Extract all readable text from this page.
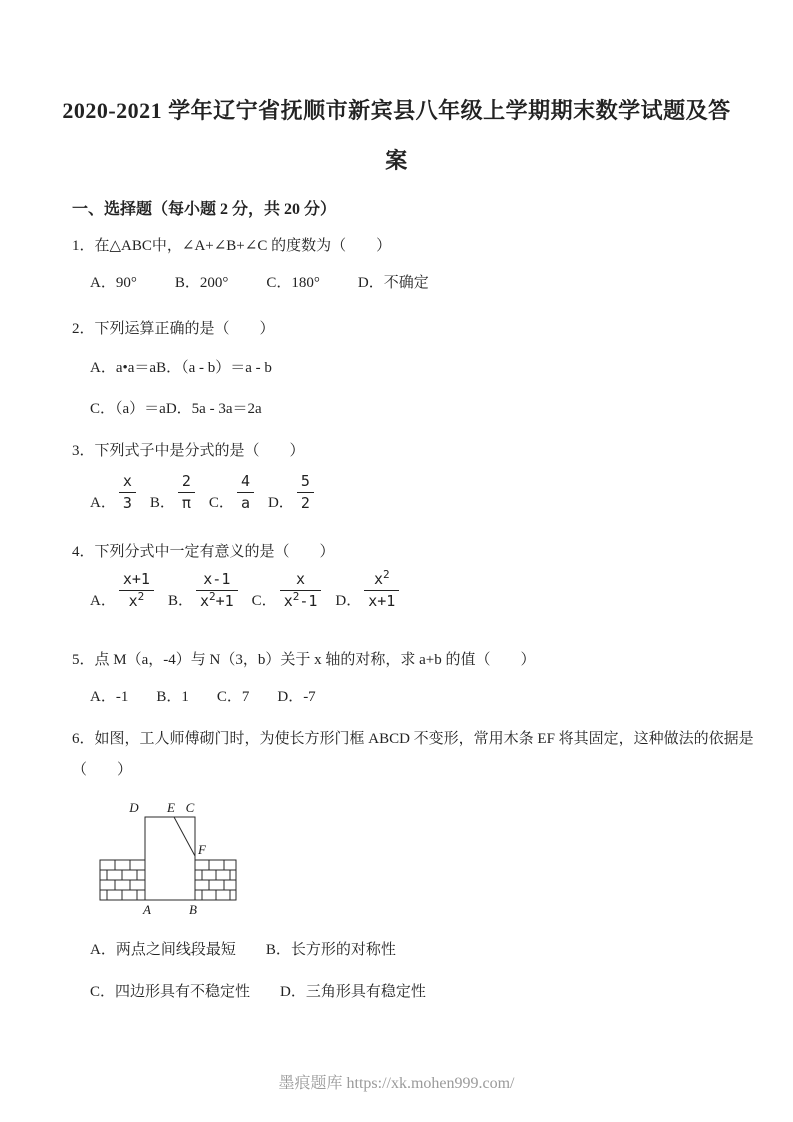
2020-2021 学年辽宁省抚顺市新宾县八年级上学期期末数学试题及答
案
一、选择题（每小题 2 分，共 20 分）
1．在△ABC中，∠A+∠B+∠C 的度数为（　　）
A．90°	B．200°	C．180°	D．不确定
2．下列运算正确的是（　　）
A．a•a＝aB．（a - b）＝a - b
C．（a）＝aD．5a - 3a＝2a
3．下列式子中是分式的是（　　）
A． $\frac{x}{3}$ B． $\frac{2}{\pi}$ C． $\frac{4}{a}$ D． $\frac{5}{2}$
4．下列分式中一定有意义的是（　　）
A． $\frac{x+1}{x^2}$ B． $\frac{x-1}{x^2+1}$ C． $\frac{x}{x^2-1}$ D． $\frac{x^2}{x+1}$
5．点 M（a，-4）与 N（3，b）关于 x 轴的对称，求 a+b 的值（　　）
A．-1 B．1 C．7 D．-7
6．如图，工人师傅砌门时，为使长方形门框 ABCD 不变形，常用木条 EF 将其固定，这种做法的依据是
（　　）
D E C
F
A	B
A．两点之间线段最短 B．长方形的对称性
C．四边形具有不稳定性 D．三角形具有稳定性
墨痕题库 https://xk.mohen999.com/
